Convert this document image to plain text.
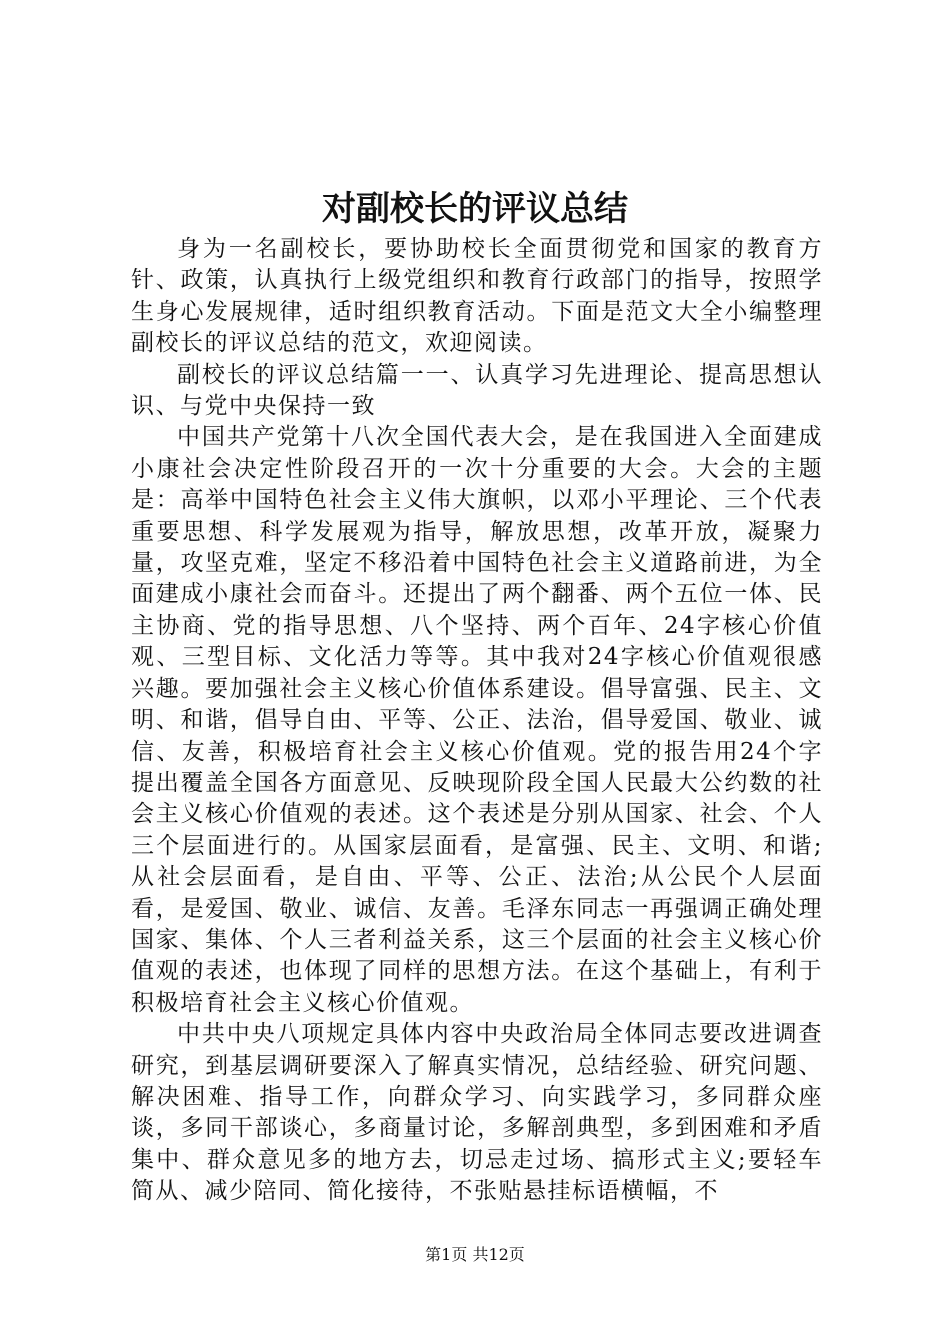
对副校长的评议总结

身为一名副校长，要协助校长全面贯彻党和国家的教育方针、政策，认真执行上级党组织和教育行政部门的指导，按照学生身心发展规律，适时组织教育活动。下面是范文大全小编整理副校长的评议总结的范文，欢迎阅读。

副校长的评议总结篇一一、认真学习先进理论、提高思想认识、与党中央保持一致

中国共产党第十八次全国代表大会，是在我国进入全面建成小康社会决定性阶段召开的一次十分重要的大会。大会的主题是：高举中国特色社会主义伟大旗帜，以邓小平理论、三个代表重要思想、科学发展观为指导，解放思想，改革开放，凝聚力量，攻坚克难，坚定不移沿着中国特色社会主义道路前进，为全面建成小康社会而奋斗。还提出了两个翻番、两个五位一体、民主协商、党的指导思想、八个坚持、两个百年、24字核心价值观、三型目标、文化活力等等。其中我对24字核心价值观很感兴趣。要加强社会主义核心价值体系建设。倡导富强、民主、文明、和谐，倡导自由、平等、公正、法治，倡导爱国、敬业、诚信、友善，积极培育社会主义核心价值观。党的报告用24个字提出覆盖全国各方面意见、反映现阶段全国人民最大公约数的社会主义核心价值观的表述。这个表述是分别从国家、社会、个人三个层面进行的。从国家层面看，是富强、民主、文明、和谐;从社会层面看，是自由、平等、公正、法治;从公民个人层面看，是爱国、敬业、诚信、友善。毛泽东同志一再强调正确处理国家、集体、个人三者利益关系，这三个层面的社会主义核心价值观的表述，也体现了同样的思想方法。在这个基础上，有利于积极培育社会主义核心价值观。

中共中央八项规定具体内容中央政治局全体同志要改进调查研究，到基层调研要深入了解真实情况，总结经验、研究问题、解决困难、指导工作，向群众学习、向实践学习，多同群众座谈，多同干部谈心，多商量讨论，多解剖典型，多到困难和矛盾集中、群众意见多的地方去，切忌走过场、搞形式主义;要轻车简从、减少陪同、简化接待，不张贴悬挂标语横幅，不

第1页 共12页
